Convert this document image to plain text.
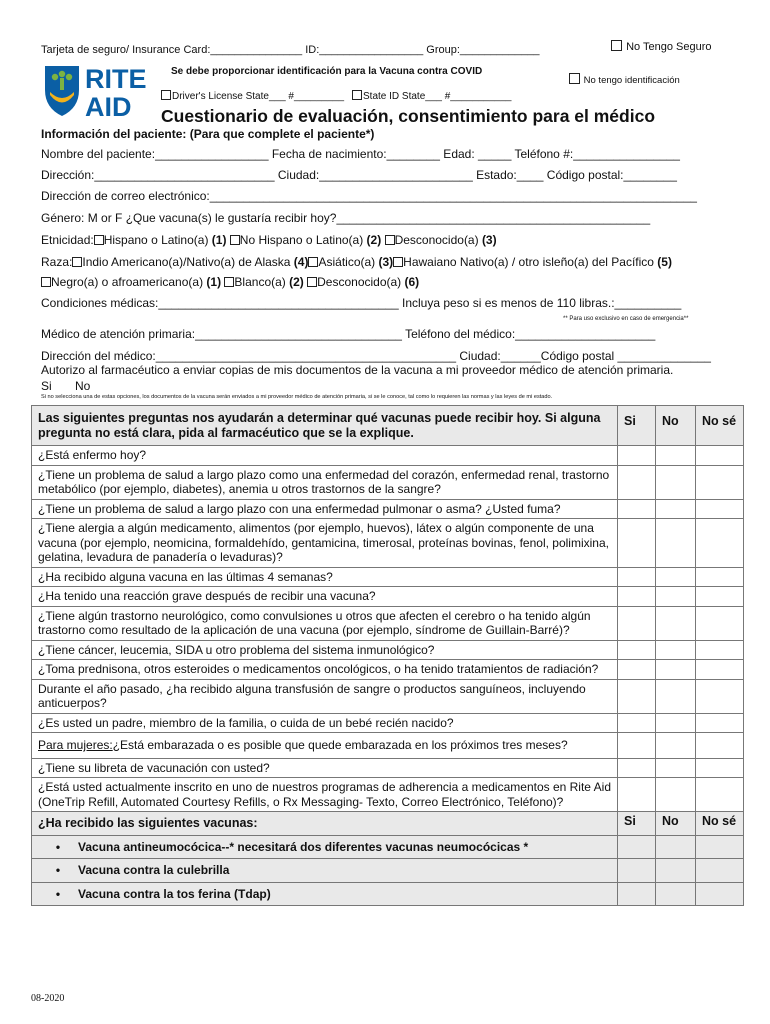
Tarjeta de seguro/ Insurance Card:_______________ ID:_________________ Group:_____________	No Tengo Seguro
RITE
AID
Se debe proporcionar identificación para la Vacuna contra COVID
No tengo identificación
Driver's License State___ #_________	State ID State___ #___________
Cuestionario de evaluación, consentimiento para el médico
Información del paciente: (Para que complete el paciente*)
Nombre del paciente:_________________ Fecha de nacimiento:________ Edad: _____ Teléfono #:________________
Dirección:___________________________ Ciudad:_______________________ Estado:____ Código postal:________
Dirección de correo electrónico:_________________________________________________________________________
Género: M or F ¿Que vacuna(s) le gustaría recibir hoy?_______________________________________________
Etnicidad: Hispano o Latino(a) (1) No Hispano o Latino(a) (2) Desconocido(a) (3)
Raza: Indio Americano(a)/Nativo(a) de Alaska (4) Asiático(a) (3) Hawaiano Nativo(a) / otro isleño(a) del Pacífico (5)
Negro(a) o afroamericano(a) (1) Blanco(a) (2) Desconocido(a) (6)
Condiciones médicas:____________________________________ Incluya peso si es menos de 110 libras.:__________
** Para uso exclusivo en caso de emergencia**
Médico de atención primaria:_______________________________ Teléfono del médico:_____________________
Dirección del médico:_____________________________________________ Ciudad:______Código postal ______________
Autorizo al farmacéutico a enviar copias de mis documentos de la vacuna a mi proveedor médico de atención primaria.
Si       No
Si no selecciona una de estas opciones, los documentos de la vacuna serán enviados a mi proveedor médico de atención primaria, si se le conoce, tal como lo requieren las normas y las leyes de mi estado.
Las siguientes preguntas nos ayudarán a determinar qué vacunas puede recibir hoy. Si alguna pregunta no está clara, pida al farmacéutico que se la explique.	Si	No	No sé
¿Está enfermo hoy?			
¿Tiene un problema de salud a largo plazo como una enfermedad del corazón, enfermedad renal, trastorno metabólico (por ejemplo, diabetes), anemia u otros trastornos de la sangre?			
¿Tiene un problema de salud a largo plazo con una enfermedad pulmonar o asma? ¿Usted fuma?			
¿Tiene alergia a algún medicamento, alimentos (por ejemplo, huevos), látex o algún componente de una vacuna (por ejemplo, neomicina, formaldehído, gentamicina, timerosal, proteínas bovinas, fenol, polimixina, gelatina, levadura de panadería o levaduras)?			
¿Ha recibido alguna vacuna en las últimas 4 semanas?			
¿Ha tenido una reacción grave después de recibir una vacuna?			
¿Tiene algún trastorno neurológico, como convulsiones u otros que afecten el cerebro o ha tenido algún trastorno como resultado de la aplicación de una vacuna (por ejemplo, síndrome de Guillain-Barré)?			
¿Tiene cáncer, leucemia, SIDA u otro problema del sistema inmunológico?			
¿Toma prednisona, otros esteroides o medicamentos oncológicos, o ha tenido tratamientos de radiación?			
Durante el año pasado, ¿ha recibido alguna transfusión de sangre o productos sanguíneos, incluyendo anticuerpos?			
¿Es usted un padre, miembro de la familia, o cuida de un bebé recién nacido?			
Para mujeres:¿Está embarazada o es posible que quede embarazada en los próximos tres meses?			
¿Tiene su libreta de vacunación con usted?			
¿Está usted actualmente inscrito en uno de nuestros programas de adherencia a medicamentos en Rite Aid (OneTrip Refill, Automated Courtesy Refills, o Rx Messaging- Texto, Correo Electrónico, Teléfono)?			
¿Ha recibido las siguientes vacunas:	Si	No	No sé
• Vacuna antineumocócica--* necesitará dos diferentes vacunas neumocócicas *			
• Vacuna contra la culebrilla			
• Vacuna contra la tos ferina (Tdap)			
08-2020
